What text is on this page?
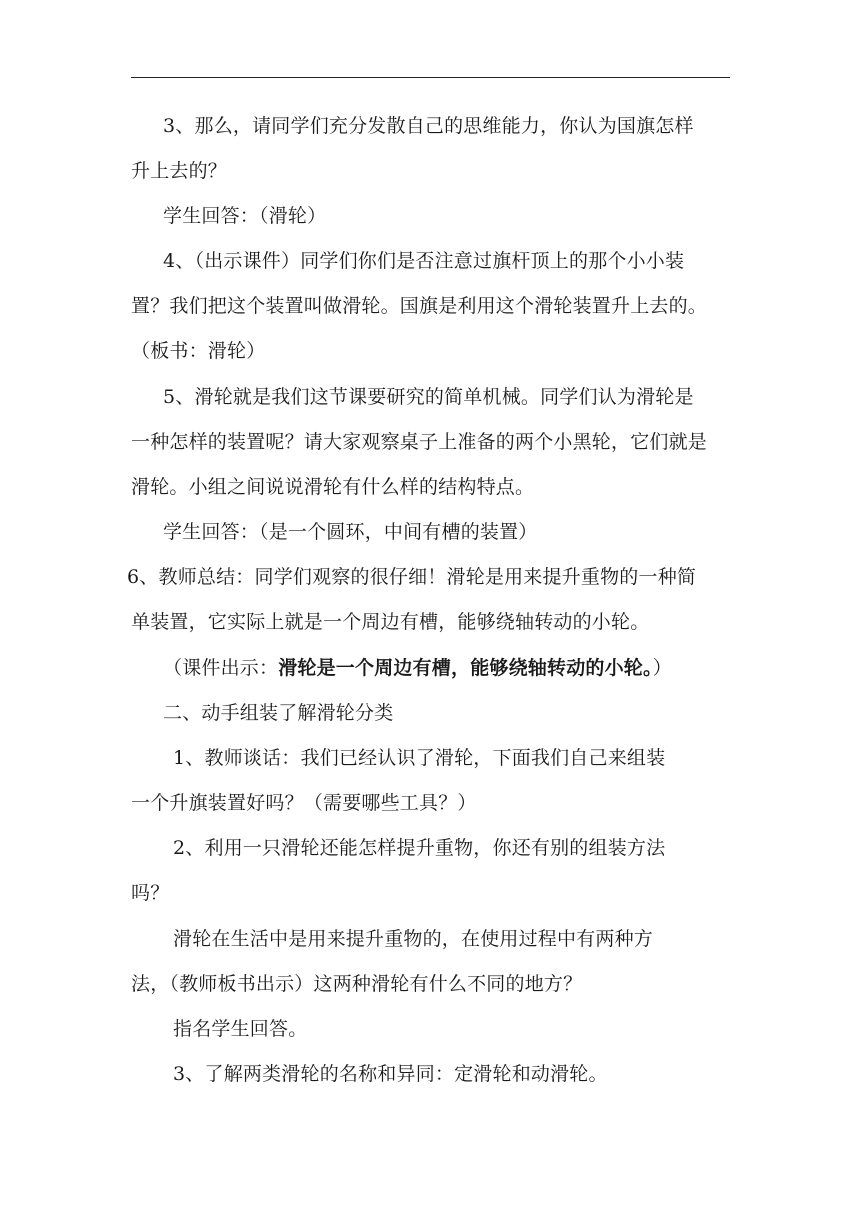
3、那么，请同学们充分发散自己的思维能力，你认为国旗怎样
升上去的？
学生回答：（滑轮）
4、（出示课件）同学们你们是否注意过旗杆顶上的那个小小装
置？我们把这个装置叫做滑轮。国旗是利用这个滑轮装置升上去的。
（板书：滑轮）
5、滑轮就是我们这节课要研究的简单机械。同学们认为滑轮是
一种怎样的装置呢？请大家观察桌子上准备的两个小黑轮，它们就是
滑轮。小组之间说说滑轮有什么样的结构特点。
学生回答：（是一个圆环，中间有槽的装置）
6、教师总结：同学们观察的很仔细！滑轮是用来提升重物的一种简
单装置，它实际上就是一个周边有槽，能够绕轴转动的小轮。
（课件出示：滑轮是一个周边有槽，能够绕轴转动的小轮。）
二、动手组装了解滑轮分类
1、教师谈话：我们已经认识了滑轮，下面我们自己来组装
一个升旗装置好吗？（需要哪些工具？）
2、利用一只滑轮还能怎样提升重物，你还有别的组装方法
吗？
滑轮在生活中是用来提升重物的，在使用过程中有两种方
法，（教师板书出示）这两种滑轮有什么不同的地方？
指名学生回答。
3、了解两类滑轮的名称和异同：定滑轮和动滑轮。
